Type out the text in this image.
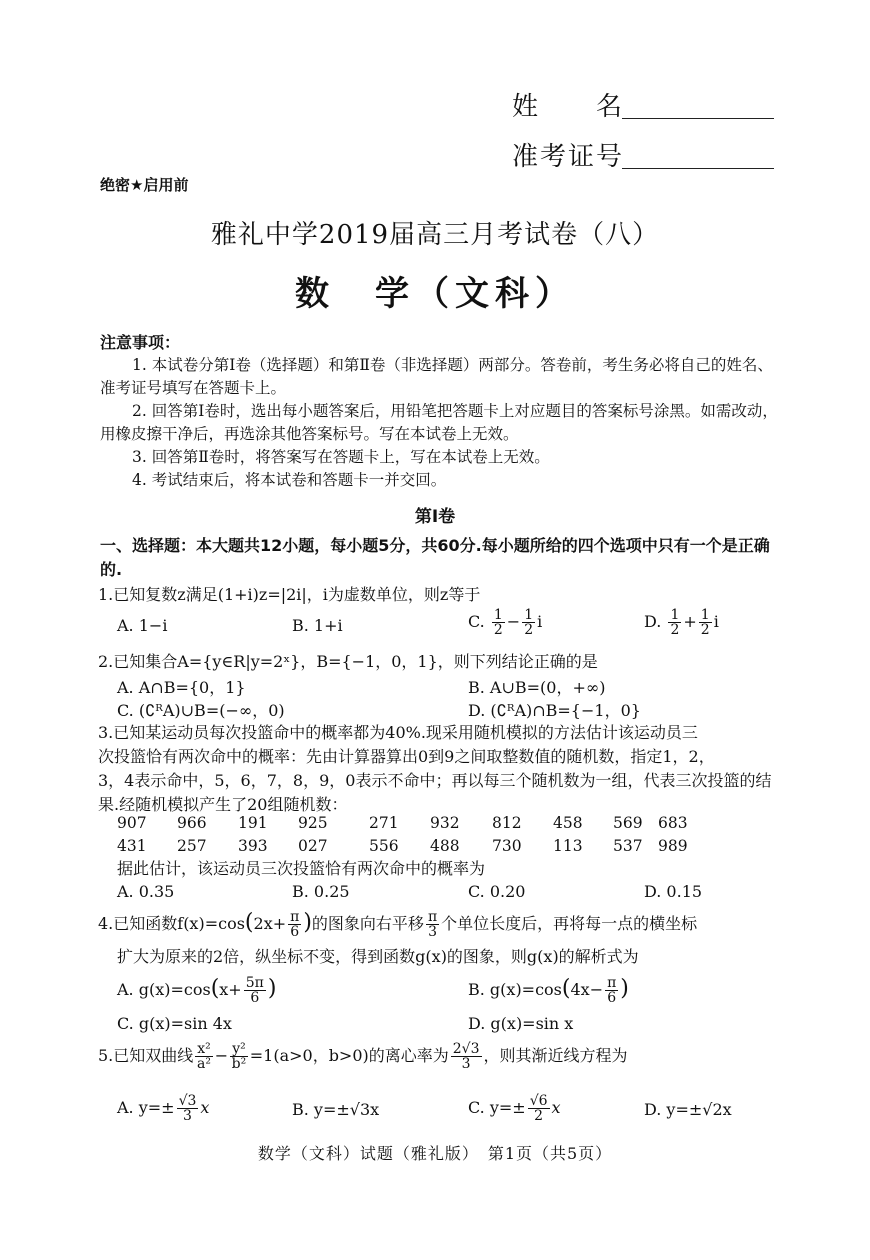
姓　　名
准考证号
绝密★启用前
雅礼中学2019届高三月考试卷（八）
数　学（文科）
注意事项：
1. 本试卷分第Ⅰ卷（选择题）和第Ⅱ卷（非选择题）两部分。答卷前，考生务必将自己的姓名、准考证号填写在答题卡上。
2. 回答第Ⅰ卷时，选出每小题答案后，用铅笔把答题卡上对应题目的答案标号涂黑。如需改动，用橡皮擦干净后，再选涂其他答案标号。写在本试卷上无效。
3. 回答第Ⅱ卷时，将答案写在答题卡上，写在本试卷上无效。
4. 考试结束后，将本试卷和答题卡一并交回。
第Ⅰ卷
一、选择题：本大题共12小题，每小题5分，共60分.每小题所给的四个选项中只有一个是正确的.
1.已知复数z满足(1+i)z=|2i|，i为虚数单位，则z等于
A. 1−i	B. 1+i	C. $\frac{1}{2} - \frac{1}{2}$ i	D. $\frac{1}{2} + \frac{1}{2}$ i
2.已知集合A={y∈R|y=2ˣ}，B={−1，0，1}，则下列结论正确的是
A. A∩B={0，1}	B. A∪B=(0，+∞)
C. (∁ᴿA)∪B=(−∞，0)	D. (∁ᴿA)∩B={−1，0}
3.已知某运动员每次投篮命中的概率都为40%.现采用随机模拟的方法估计该运动员三
次投篮恰有两次命中的概率：先由计算器算出0到9之间取整数值的随机数，指定1，2，
3，4表示命中，5，6，7，8，9，0表示不命中；再以每三个随机数为一组，代表三次投篮的结
果.经随机模拟产生了20组随机数：
907 966 191 925	271 932 812 458 569 683
431 257 393 027	556 488 730 113 537 989
据此估计，该运动员三次投篮恰有两次命中的概率为
A. 0.35	B. 0.25	C. 0.20	D. 0.15
4.已知函数$f(x)=\cos(2x+ \frac{\pi}{6}$ )的图象向右平移 $\frac{\pi}{3}$ 个单位长度后，再将每一点的横坐标
扩大为原来的2倍，纵坐标不变，得到函数g(x)的图象，则g(x)的解析式为
A. $g(x)=\cos(x+ \frac{5\pi}{6}$ )	B. $g(x)=\cos(4x- \frac{\pi}{6}$ )
C. g(x)=sin 4x	D. g(x)=sin x
5.已知双曲线 $\frac{\text{x²}}{\text{a²}} - \frac{\text{y²}}{\text{b²}} =1(a>0$，b>0)的离心率为 $\frac{2√3}{3}$ ，则其渐近线方程为
A. $y=\pm \frac{√3}{3}$ x	B. y=±√3x	C. $y=\pm \frac{√6}{2}$ x	D. y=±√2x
数学（文科）试题（雅礼版）　第1页（共5页）
